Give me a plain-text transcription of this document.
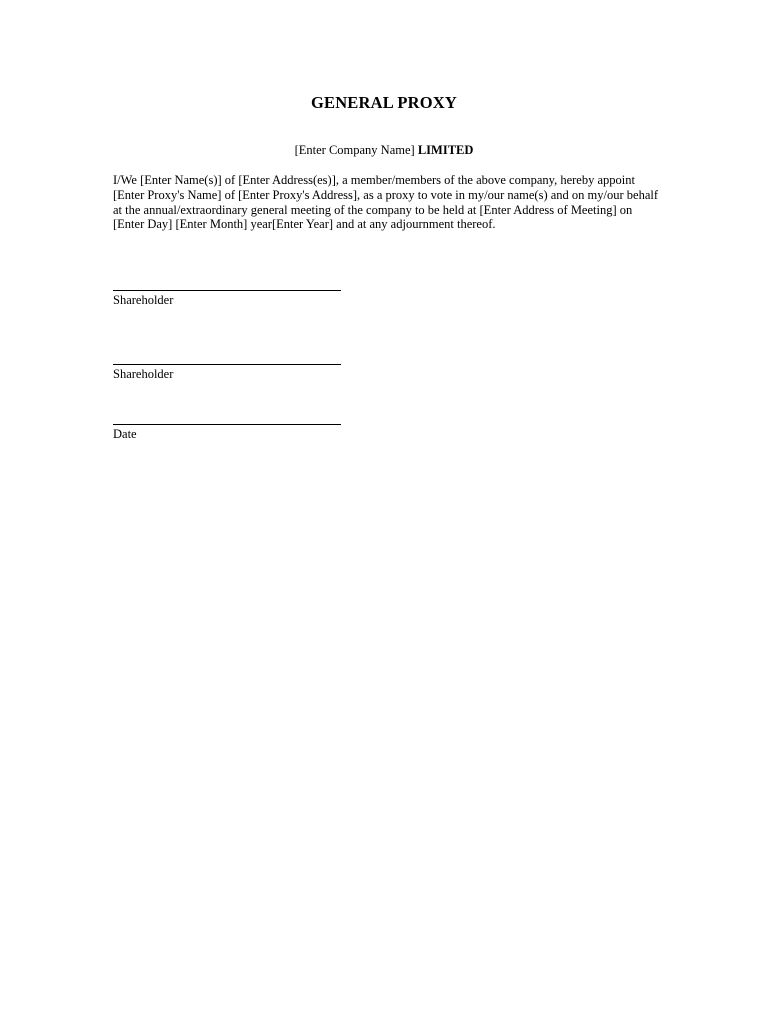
GENERAL PROXY
[Enter Company Name] LIMITED
I/We [Enter Name(s)] of [Enter Address(es)], a member/members of the above company, hereby appoint [Enter Proxy's Name] of [Enter Proxy's Address], as a proxy to vote in my/our name(s) and on my/our behalf at the annual/extraordinary general meeting of the company to be held at [Enter Address of Meeting] on [Enter Day] [Enter Month] year[Enter Year] and at any adjournment thereof.
Shareholder
Shareholder
Date
